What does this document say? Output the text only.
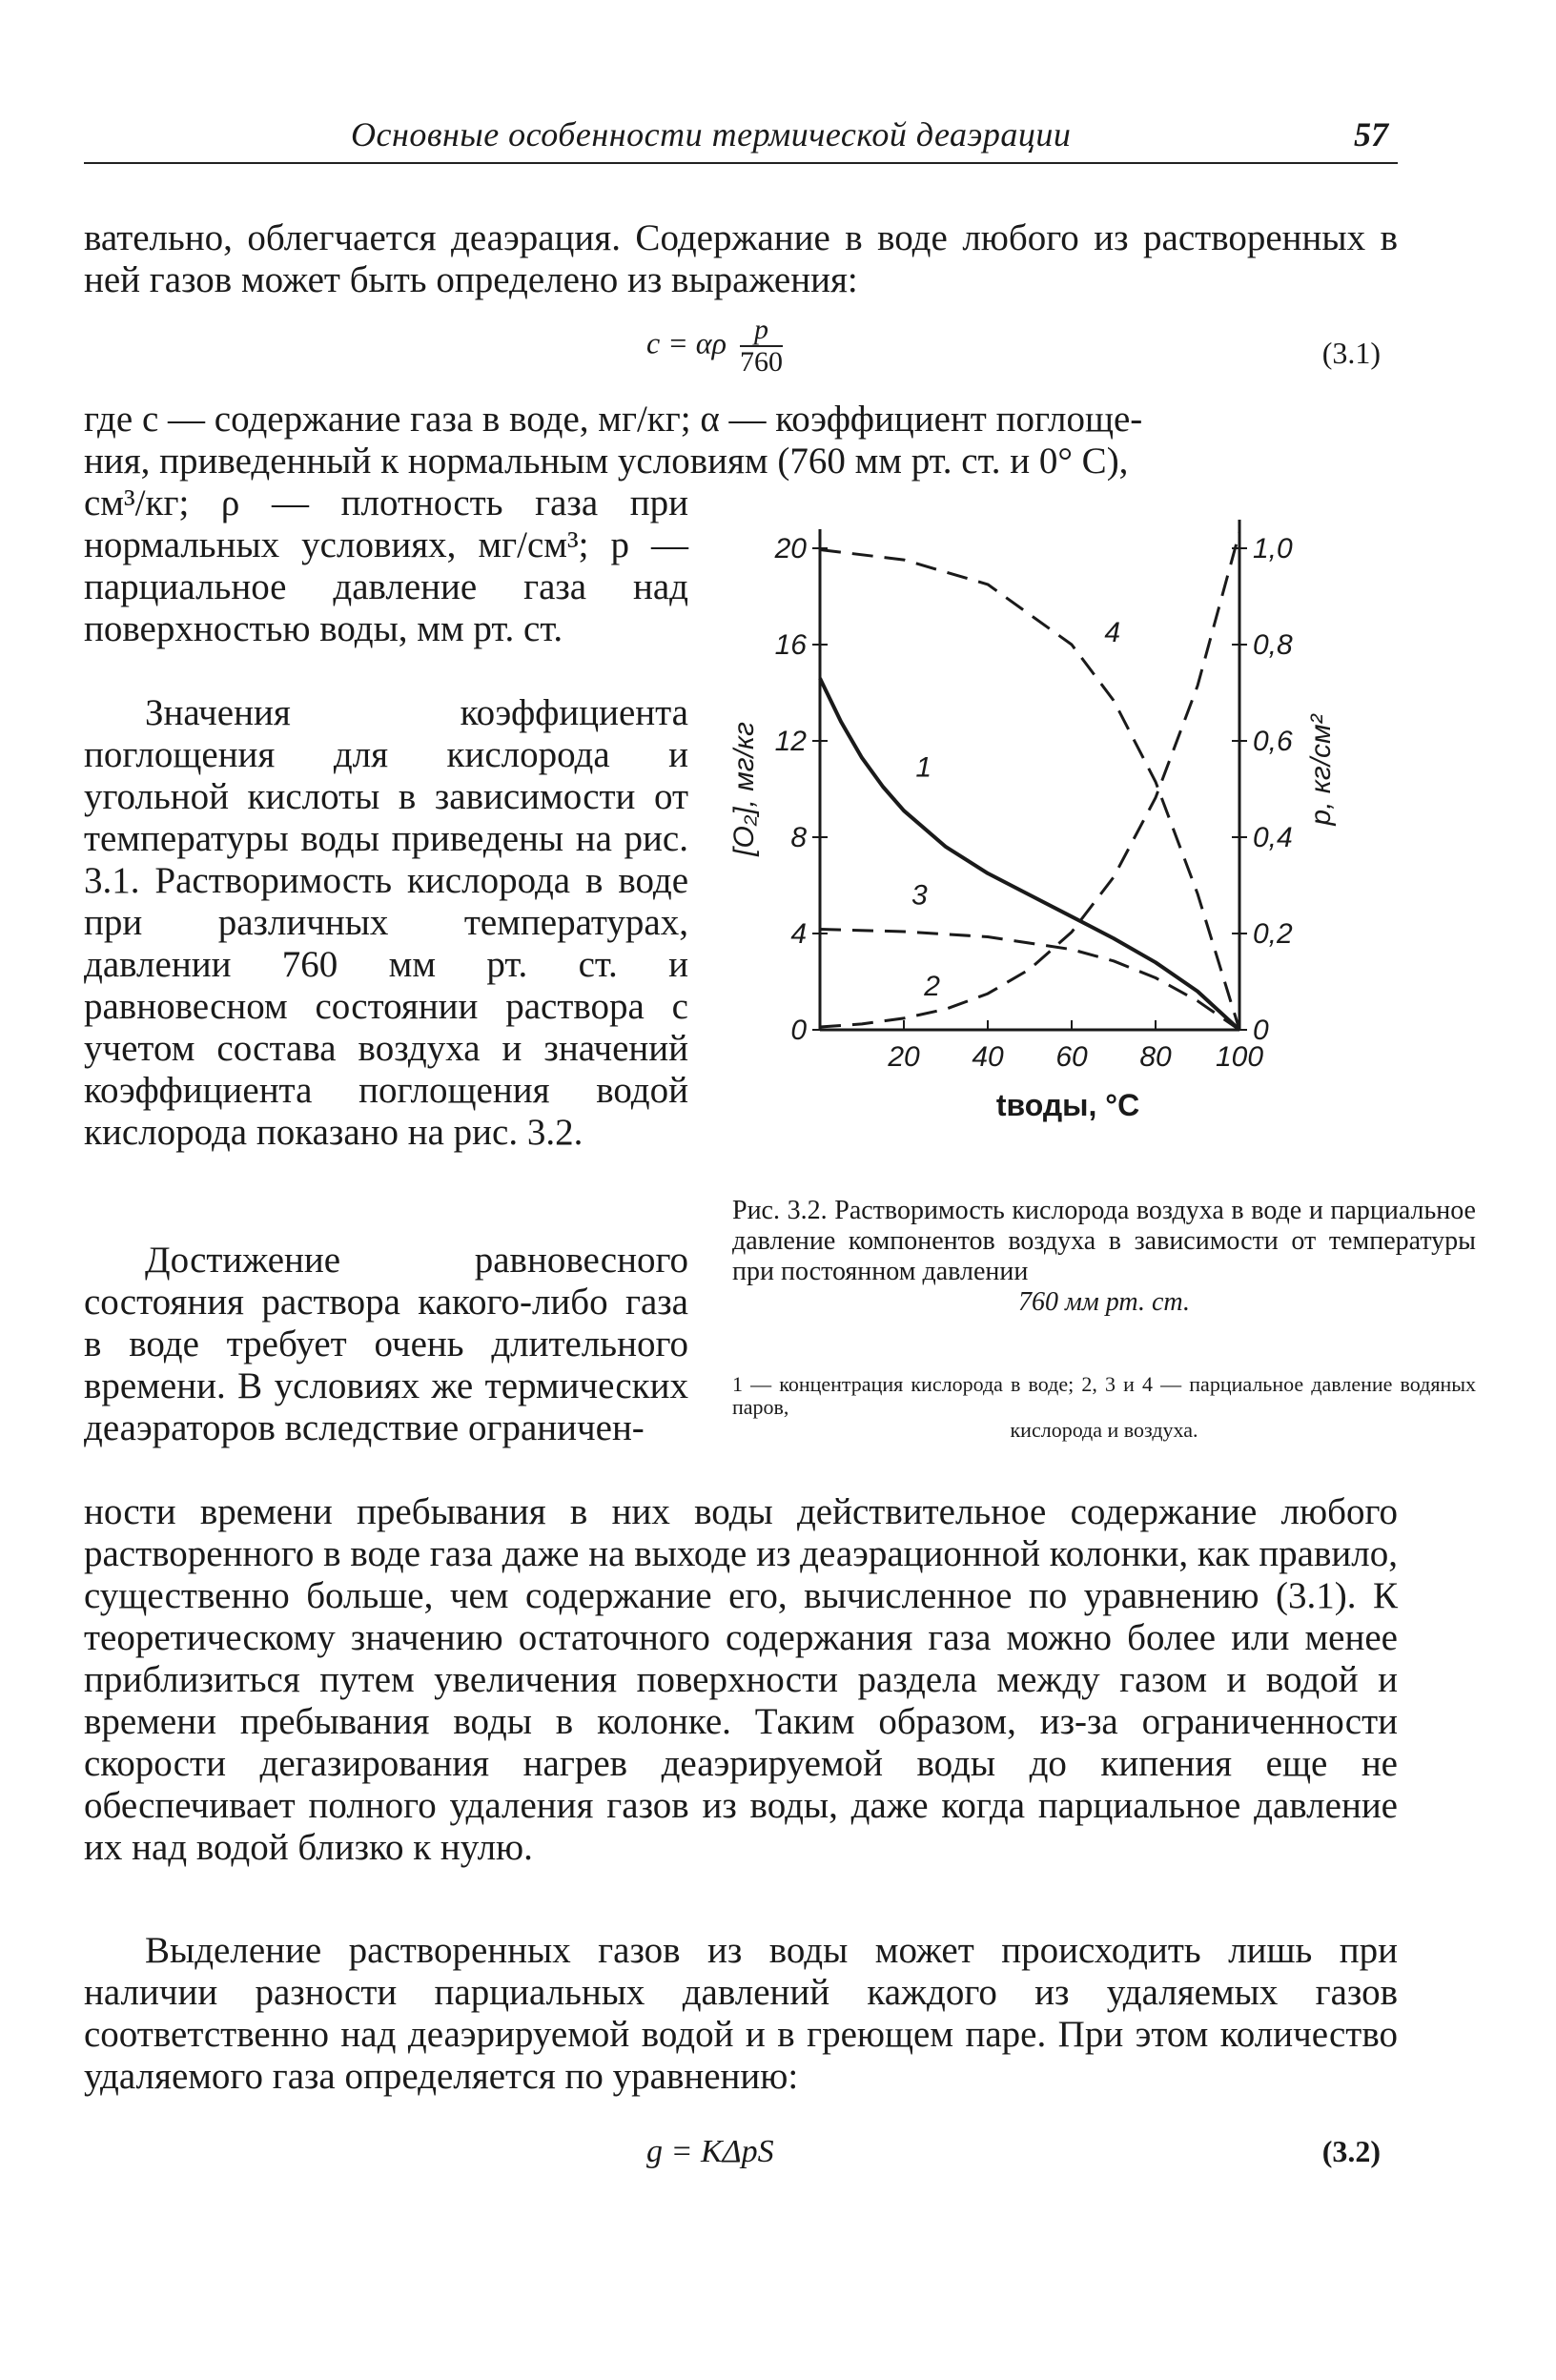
Основные особенности термической деаэрации	57
вательно, облегчается деаэрация. Содержание в воде любого из растворенных в ней газов может быть определено из выражения:
c = αρ $\frac{p}{760}$	(3.1)
где c — содержание газа в воде, мг/кг; α — коэффициент поглоще-
ния, приведенный к нормальным условиям (760 мм рт. ст. и 0° С),
см³/кг; ρ — плотность газа при нормальных условиях, мг/см³; p — парциальное давление газа над поверхностью воды, мм рт. ст.
Значения коэффициента поглощения для кислорода и угольной кислоты в зависимости от температуры воды приведены на рис. 3.1. Растворимость кислорода в воде при различных температурах, давлении 760 мм рт. ст. и равновесном состоянии раствора с учетом состава воздуха и значений коэффициента поглощения водой кислорода показано на рис. 3.2.
Достижение равновесного состояния раствора какого-либо газа в воде требует очень длительного времени. В условиях же термических деаэраторов вследствие ограничен-
ности времени пребывания в них воды действительное содержание любого растворенного в воде газа даже на выходе из деаэрационной колонки, как правило, существенно больше, чем содержание его, вычисленное по уравнению (3.1). К теоретическому значению остаточного содержания газа можно более или менее приблизиться путем увеличения поверхности раздела между газом и водой и времени пребывания воды в колонке. Таким образом, из-за ограниченности скорости дегазирования нагрев деаэрируемой воды до кипения еще не обеспечивает полного удаления газов из воды, даже когда парциальное давление их над водой близко к нулю.
Выделение растворенных газов из воды может происходить лишь при наличии разности парциальных давлений каждого из удаляемых газов соответственно над деаэрируемой водой и в греющем паре. При этом количество удаляемого газа определяется по уравнению:
g = KΔpS	(3.2)
Рис. 3.2. Растворимость кислорода воздуха в воде и парциальное давление компонентов воздуха в зависимости от температуры при постоянном давлении
760 мм рт. ст.
1 — концентрация кислорода в воде; 2, 3 и 4 — парциальное давление водяных паров,
кислорода и воздуха.
0
4
8
12
16
20
0
0,2
0,4
0,6
0,8
1,0
20 40 60 80 100
tводы, °C
[O₂], мг/кг	p, кг/см²
1
2
3
4
